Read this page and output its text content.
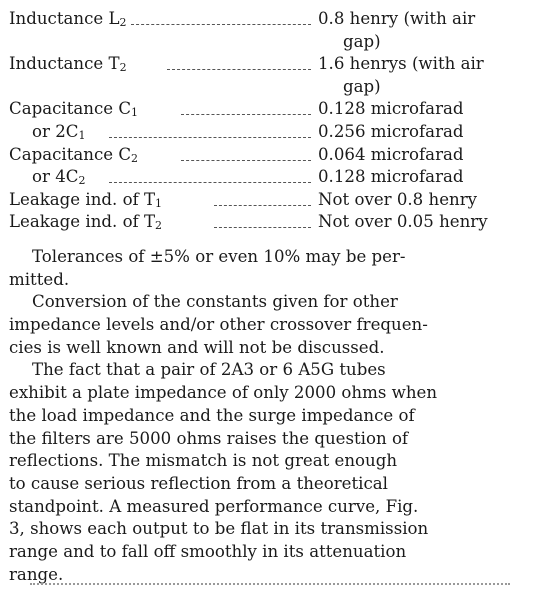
Inductance L2	0.8 henry (with air
gap)
Inductance T2	1.6 henrys (with air
gap)
Capacitance C1	0.128 microfarad
or 2C1	0.256 microfarad
Capacitance C2	0.064 microfarad
or 4C2	0.128 microfarad
Leakage ind. of T1	Not over 0.8 henry
Leakage ind. of T2	Not over 0.05 henry
Tolerances of ±5% or even 10% may be per-
mitted.
Conversion of the constants given for other
impedance levels and/or other crossover frequen-
cies is well known and will not be discussed.
The fact that a pair of 2A3 or 6 A5G tubes
exhibit a plate impedance of only 2000 ohms when
the load impedance and the surge impedance of
the filters are 5000 ohms raises the question of
reflections. The mismatch is not great enough
to cause serious reflection from a theoretical
standpoint. A measured performance curve, Fig.
3, shows each output to be flat in its transmission
range and to fall off smoothly in its attenuation
range.
